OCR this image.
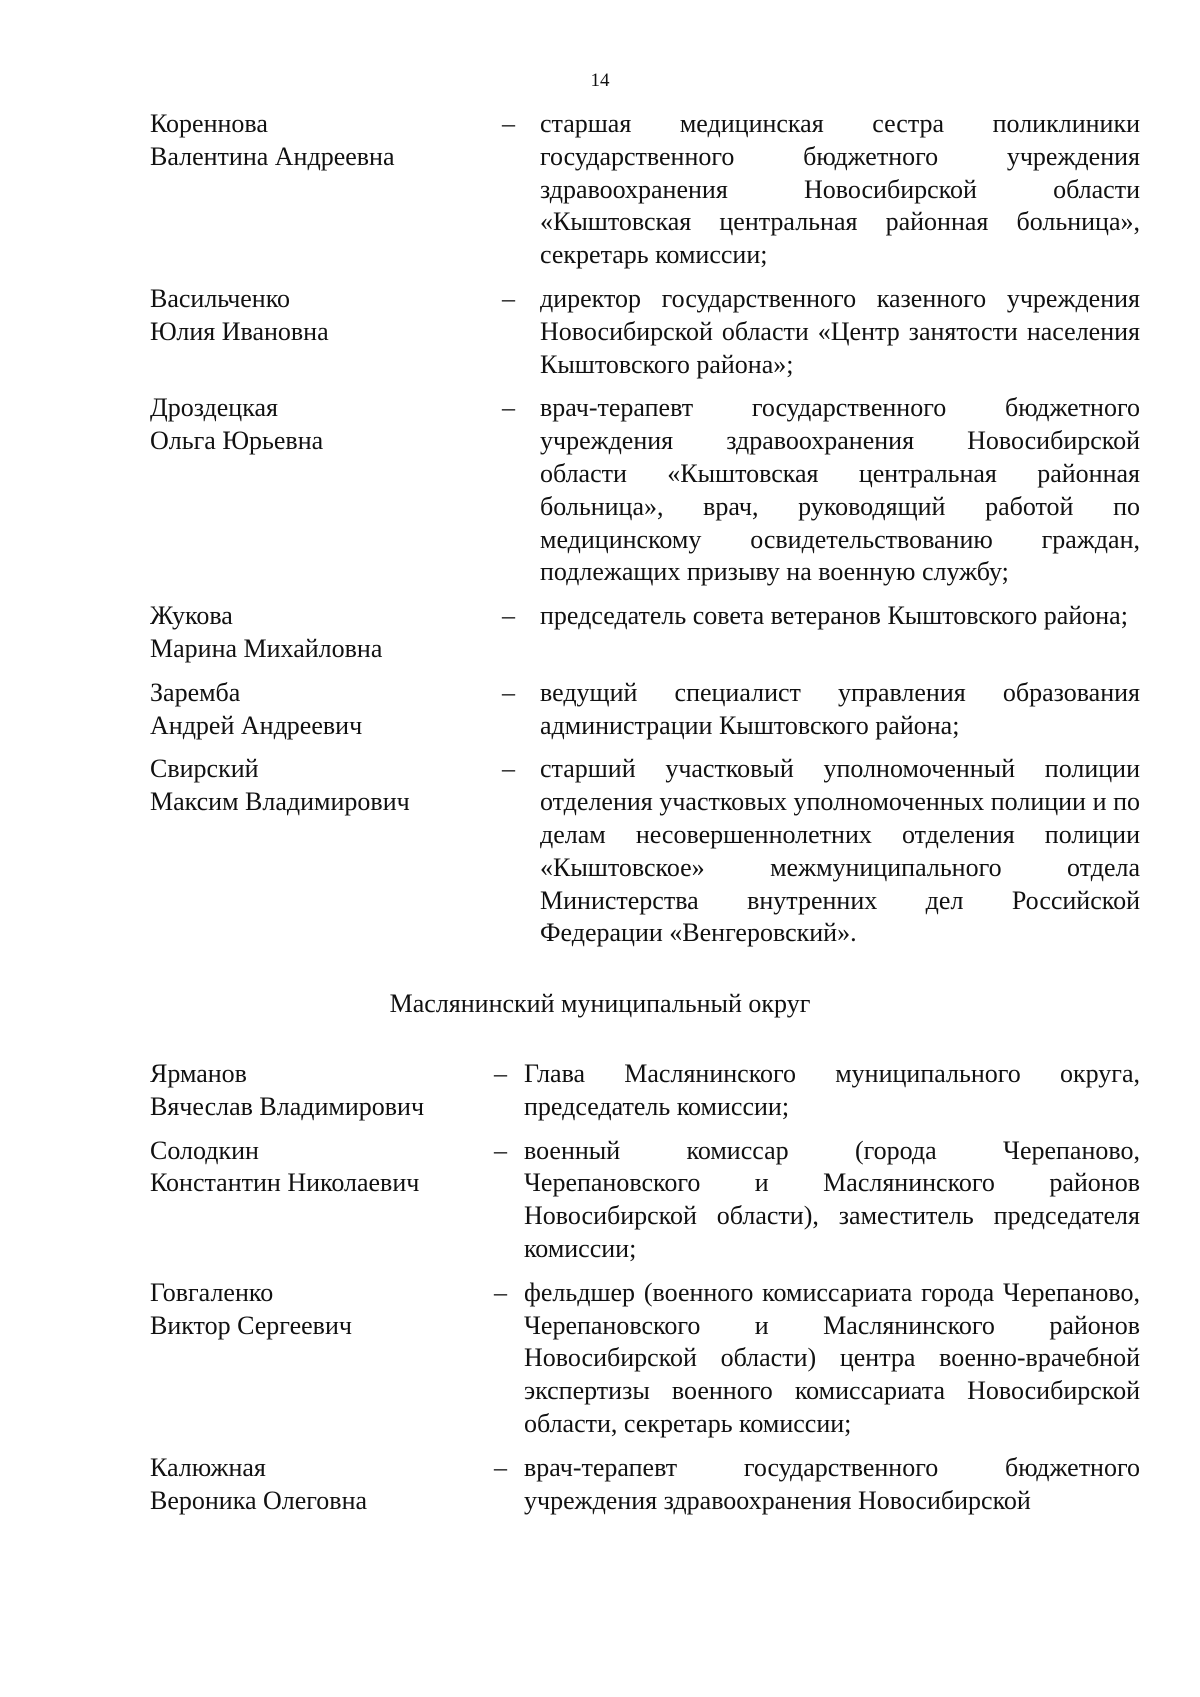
14
Кореннова
Валентина Андреевна
– старшая медицинская сестра поликлиники государственного бюджетного учреждения здравоохранения Новосибирской области «Кыштовская центральная районная больница», секретарь комиссии;
Васильченко
Юлия Ивановна
– директор государственного казенного учреждения Новосибирской области «Центр занятости населения Кыштовского района»;
Дроздецкая
Ольга Юрьевна
– врач-терапевт государственного бюджетного учреждения здравоохранения Новосибирской области «Кыштовская центральная районная больница», врач, руководящий работой по медицинскому освидетельствованию граждан, подлежащих призыву на военную службу;
Жукова
Марина Михайловна
– председатель совета ветеранов Кыштовского района;
Заремба
Андрей Андреевич
– ведущий специалист управления образования администрации Кыштовского района;
Свирский
Максим Владимирович
– старший участковый уполномоченный полиции отделения участковых уполномоченных полиции и по делам несовершеннолетних отделения полиции «Кыштовское» межмуниципального отдела Министерства внутренних дел Российской Федерации «Венгеровский».
Маслянинский муниципальный округ
Ярманов
Вячеслав Владимирович
– Глава Маслянинского муниципального округа, председатель комиссии;
Солодкин
Константин Николаевич
– военный комиссар (города Черепаново, Черепановского и Маслянинского районов Новосибирской области), заместитель председателя комиссии;
Говгаленко
Виктор Сергеевич
– фельдшер (военного комиссариата города Черепаново, Черепановского и Маслянинского районов Новосибирской области) центра военно-врачебной экспертизы военного комиссариата Новосибирской области, секретарь комиссии;
Калюжная
Вероника Олеговна
– врач-терапевт государственного бюджетного учреждения здравоохранения Новосибирской
